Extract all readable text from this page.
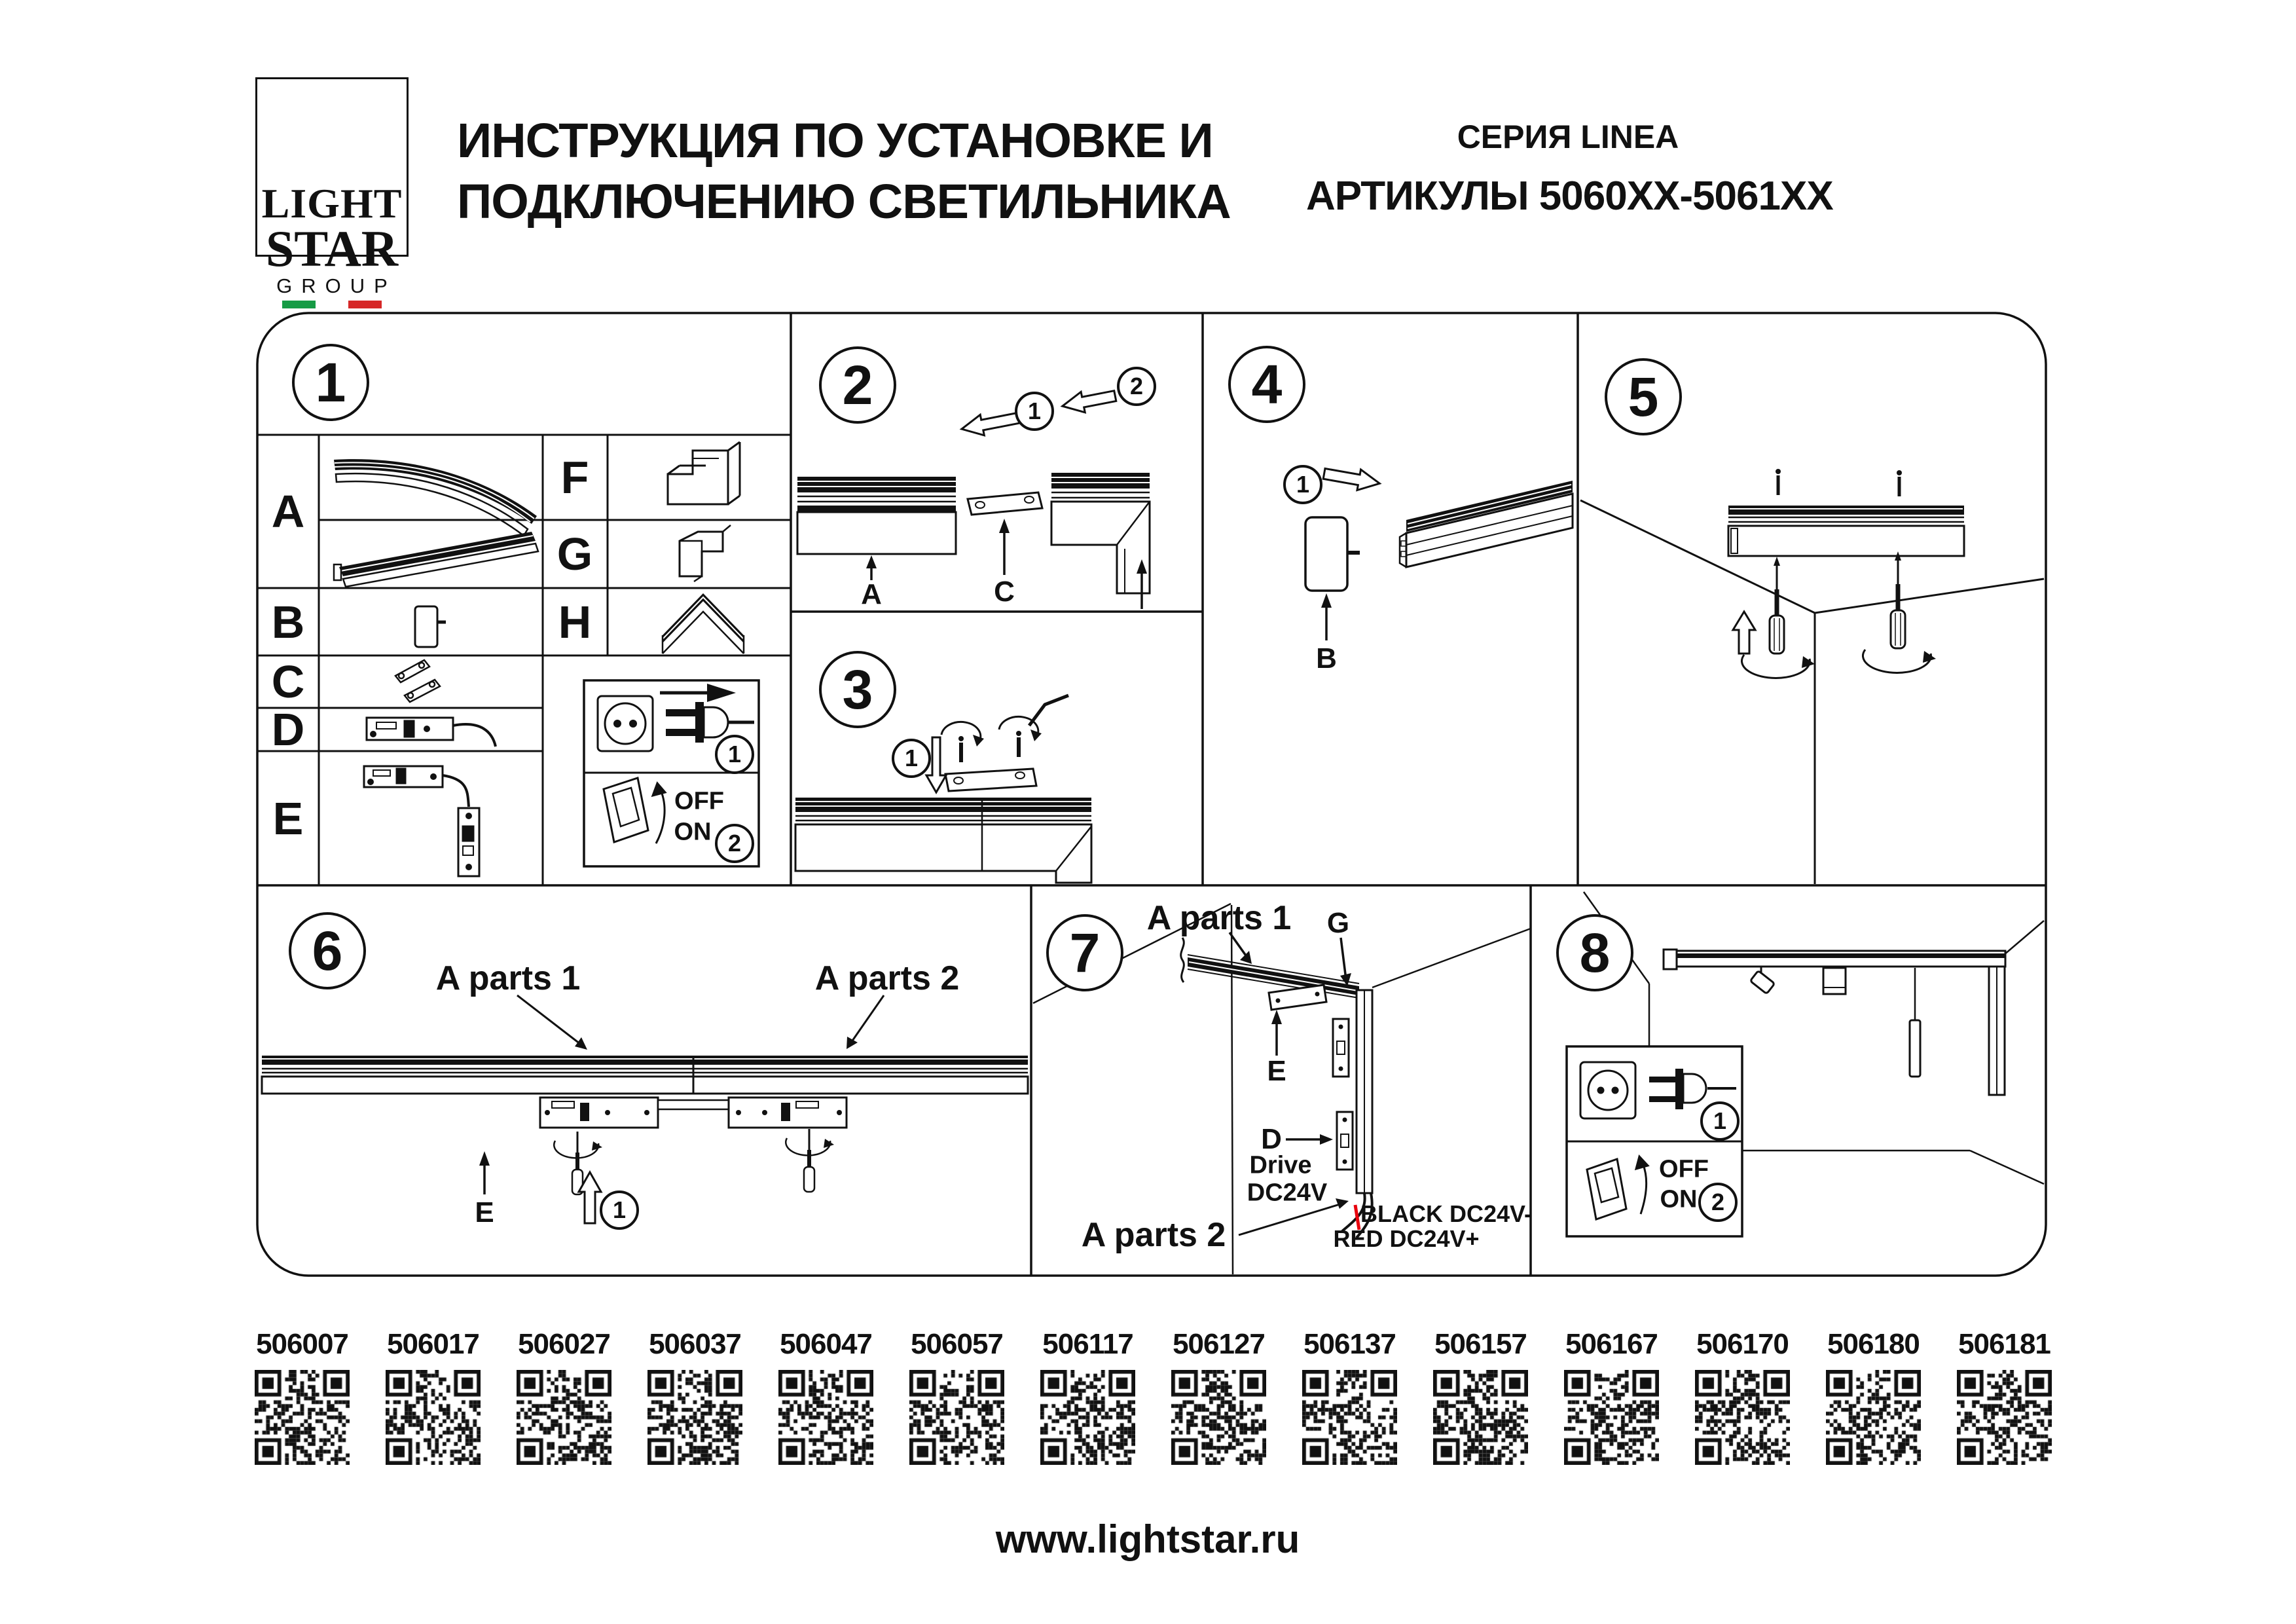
LIGHT
STAR
GROUP
ИНСТРУКЦИЯ ПО УСТАНОВКЕ И
ПОДКЛЮЧЕНИЮ СВЕТИЛЬНИКА
СЕРИЯ LINEA
АРТИКУЛЫ 5060XX-5061XX
1	2
3
4	5
6	7	8
A
B
C
D
E
F
G
H
1
2
1
2
1
1
1
1
2
OFF
ON
A	C
B
A parts 1	A parts 2
E
A parts 1 G
E
D
Drive
DC24V
BLACK DC24V-
RED DC24V+
A parts 2
OFF
ON
506007 506017 506027 506037 506047 506057 506117 506127 506137 506157 506167 506170 506180 506181
www.lightstar.ru
